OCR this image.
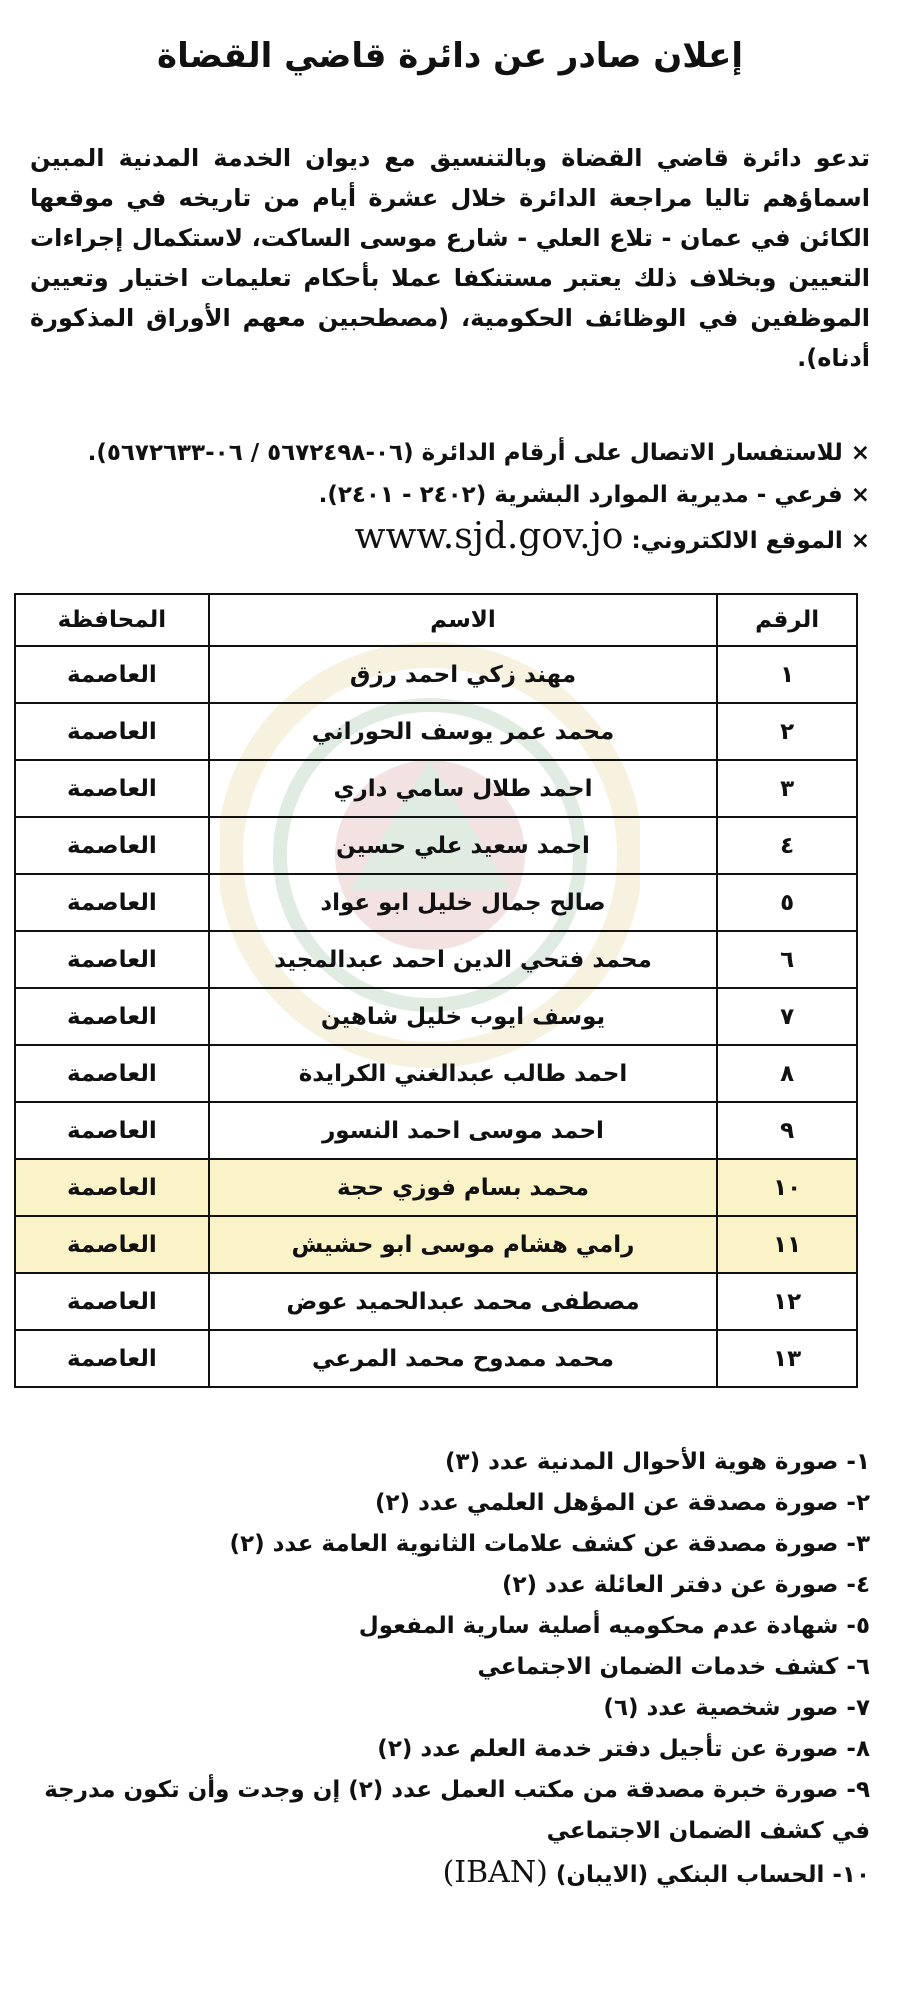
إعلان صادر عن دائرة قاضي القضاة
تدعو دائرة قاضي القضاة وبالتنسيق مع ديوان الخدمة المدنية المبين اسماؤهم تاليا مراجعة الدائرة خلال عشرة أيام من تاريخه في موقعها الكائن في عمان - تلاع العلي - شارع موسى الساكت، لاستكمال إجراءات التعيين وبخلاف ذلك يعتبر مستنكفا عملا بأحكام تعليمات اختيار وتعيين الموظفين في الوظائف الحكومية، (مصطحبين معهم الأوراق المذكورة أدناه).
× للاستفسار الاتصال على أرقام الدائرة (٠٦-٥٦٧٢٤٩٨ / ٠٦-٥٦٧٢٦٣٣).
× فرعي - مديرية الموارد البشرية (٢٤٠٢ - ٢٤٠١).
× الموقع الالكتروني: www.sjd.gov.jo
الرقم	الاسم	المحافظة
١	مهند زكي احمد رزق	العاصمة
٢	محمد عمر يوسف الحوراني	العاصمة
٣	احمد طلال سامي داري	العاصمة
٤	احمد سعيد علي حسين	العاصمة
٥	صالح جمال خليل ابو عواد	العاصمة
٦	محمد فتحي الدين احمد عبدالمجيد	العاصمة
٧	يوسف ايوب خليل شاهين	العاصمة
٨	احمد طالب عبدالغني الكرايدة	العاصمة
٩	احمد موسى احمد النسور	العاصمة
١٠	محمد بسام فوزي حجة	العاصمة
١١	رامي هشام موسى ابو حشيش	العاصمة
١٢	مصطفى محمد عبدالحميد عوض	العاصمة
١٣	محمد ممدوح محمد المرعي	العاصمة
١- صورة هوية الأحوال المدنية عدد (٣)
٢- صورة مصدقة عن المؤهل العلمي عدد (٢)
٣- صورة مصدقة عن كشف علامات الثانوية العامة عدد (٢)
٤- صورة عن دفتر العائلة عدد (٢)
٥- شهادة عدم محكوميه أصلية سارية المفعول
٦- كشف خدمات الضمان الاجتماعي
٧- صور شخصية عدد (٦)
٨- صورة عن تأجيل دفتر خدمة العلم عدد (٢)
٩- صورة خبرة مصدقة من مكتب العمل عدد (٢) إن وجدت وأن تكون مدرجة في كشف الضمان الاجتماعي
١٠- الحساب البنكي (الايبان) (IBAN)
